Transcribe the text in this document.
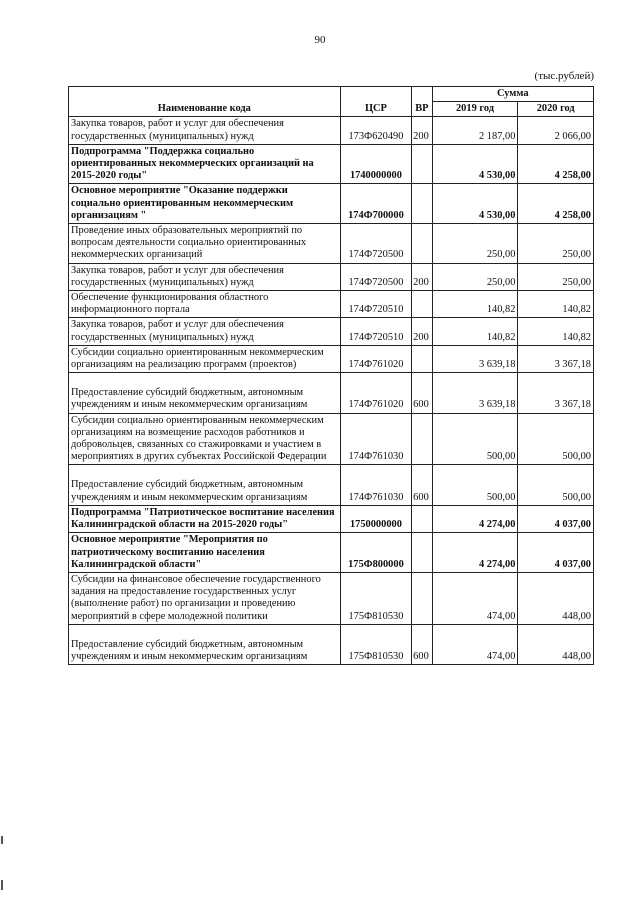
90
(тыс.рублей)
Наименование кода	ЦСР	ВР	Сумма	
			2019 год	2020 год
Закупка товаров, работ и услуг для обеспечения государственных (муниципальных) нужд	173Ф620490	200	2 187,00	2 066,00
Подпрограмма "Поддержка социально ориентированных некоммерческих организаций на 2015-2020 годы"	1740000000		4 530,00	4 258,00
Основное мероприятие "Оказание поддержки социально ориентированным некоммерческим организациям "	174Ф700000		4 530,00	4 258,00
Проведение иных образовательных мероприятий по вопросам деятельности социально ориентированных некоммерческих организаций	174Ф720500		250,00	250,00
Закупка товаров, работ и услуг для обеспечения государственных (муниципальных) нужд	174Ф720500	200	250,00	250,00
Обеспечение функционирования областного информационного портала	174Ф720510		140,82	140,82
Закупка товаров, работ и услуг для обеспечения государственных (муниципальных) нужд	174Ф720510	200	140,82	140,82
Субсидии социально ориентированным некоммерческим организациям на реализацию программ (проектов)	174Ф761020		3 639,18	3 367,18
Предоставление субсидий бюджетным, автономным учреждениям и иным некоммерческим организациям	174Ф761020	600	3 639,18	3 367,18
Субсидии социально ориентированным некоммерческим организациям на возмещение расходов работников и добровольцев, связанных со стажировками и участием в мероприятиях в других субъектах Российской Федерации	174Ф761030		500,00	500,00
Предоставление субсидий бюджетным, автономным учреждениям и иным некоммерческим организациям	174Ф761030	600	500,00	500,00
Подпрограмма "Патриотическое воспитание населения Калининградской области на 2015-2020 годы"	1750000000		4 274,00	4 037,00
Основное мероприятие "Мероприятия по патриотическому воспитанию населения Калининградской области"	175Ф800000		4 274,00	4 037,00
Субсидии на финансовое обеспечение государственного задания на предоставление государственных услуг (выполнение работ) по организации и проведению мероприятий в сфере молодежной политики	175Ф810530		474,00	448,00
Предоставление субсидий бюджетным, автономным учреждениям и иным некоммерческим организациям	175Ф810530	600	474,00	448,00
